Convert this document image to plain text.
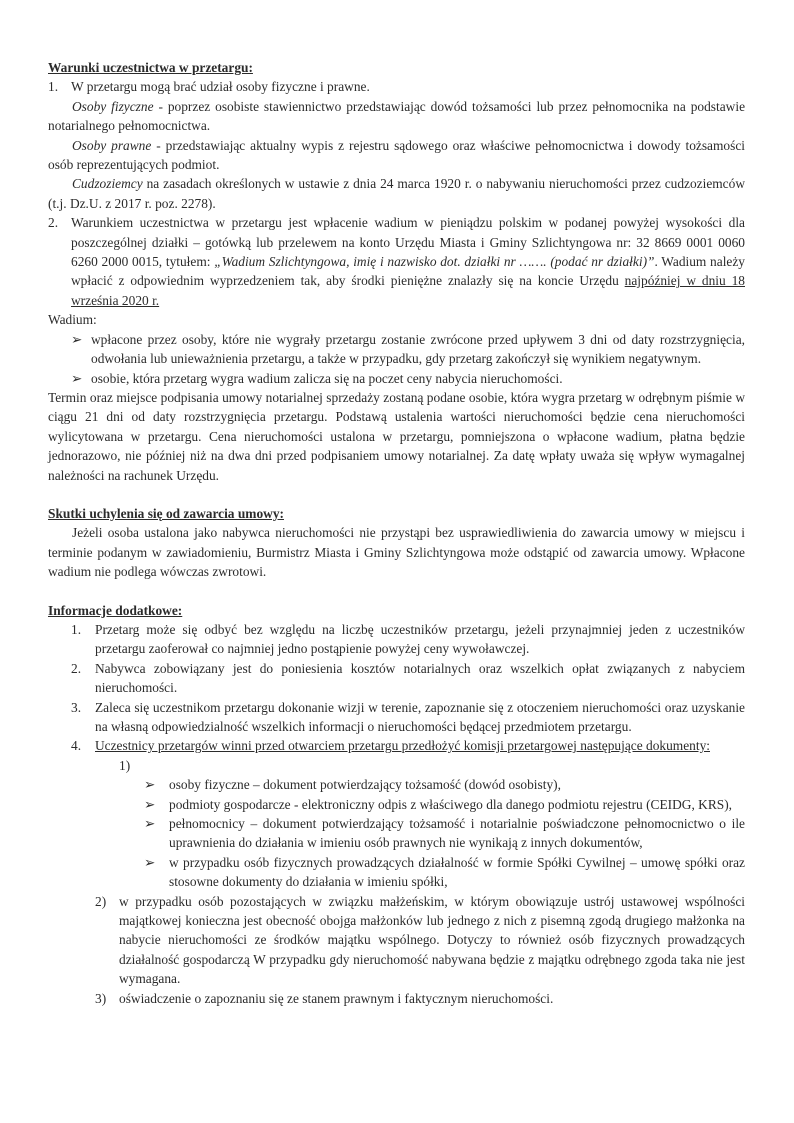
Warunki uczestnictwa w przetargu:

1. W przetargu mogą brać udział osoby fizyczne i prawne.

Osoby fizyczne - poprzez osobiste stawiennictwo przedstawiając dowód tożsamości lub przez pełnomocnika na podstawie notarialnego pełnomocnictwa.

Osoby prawne - przedstawiając aktualny wypis z rejestru sądowego oraz właściwe pełnomocnictwa i dowody tożsamości osób reprezentujących podmiot.

Cudzoziemcy na zasadach określonych w ustawie z dnia 24 marca 1920 r. o nabywaniu nieruchomości przez cudzoziemców (t.j. Dz.U. z 2017 r. poz. 2278).

2. Warunkiem uczestnictwa w przetargu jest wpłacenie wadium w pieniądzu polskim w podanej powyżej wysokości dla poszczególnej działki – gotówką lub przelewem na konto Urzędu Miasta i Gminy Szlichtyngowa nr: 32 8669 0001 0060 6260 2000 0015, tytułem: „Wadium Szlichtyngowa, imię i nazwisko dot. działki nr ……. (podać nr działki)”. Wadium należy wpłacić z odpowiednim wyprzedzeniem tak, aby środki pieniężne znalazły się na koncie Urzędu najpóźniej w dniu 18 września 2020 r.

Wadium:

➢ wpłacone przez osoby, które nie wygrały przetargu zostanie zwrócone przed upływem 3 dni od daty rozstrzygnięcia, odwołania lub unieważnienia przetargu, a także w przypadku, gdy przetarg zakończył się wynikiem negatywnym.

➢ osobie, która przetarg wygra wadium zalicza się na poczet ceny nabycia nieruchomości.

Termin oraz miejsce podpisania umowy notarialnej sprzedaży zostaną podane osobie, która wygra przetarg w odrębnym piśmie w ciągu 21 dni od daty rozstrzygnięcia przetargu. Podstawą ustalenia wartości nieruchomości będzie cena nieruchomości wylicytowana w przetargu. Cena nieruchomości ustalona w przetargu, pomniejszona o wpłacone wadium, płatna będzie jednorazowo, nie później niż na dwa dni przed podpisaniem umowy notarialnej. Za datę wpłaty uważa się wpływ wymagalnej należności na rachunek Urzędu.

Skutki uchylenia się od zawarcia umowy:

Jeżeli osoba ustalona jako nabywca nieruchomości nie przystąpi bez usprawiedliwienia do zawarcia umowy w miejscu i terminie podanym w zawiadomieniu, Burmistrz Miasta i Gminy Szlichtyngowa może odstąpić od zawarcia umowy. Wpłacone wadium nie podlega wówczas zwrotowi.

Informacje dodatkowe:

1. Przetarg może się odbyć bez względu na liczbę uczestników przetargu, jeżeli przynajmniej jeden z uczestników przetargu zaoferował co najmniej jedno postąpienie powyżej ceny wywoławczej.

2. Nabywca zobowiązany jest do poniesienia kosztów notarialnych oraz wszelkich opłat związanych z nabyciem nieruchomości.

3. Zaleca się uczestnikom przetargu dokonanie wizji w terenie, zapoznanie się z otoczeniem nieruchomości oraz uzyskanie na własną odpowiedzialność wszelkich informacji o nieruchomości będącej przedmiotem przetargu.

4. Uczestnicy przetargów winni przed otwarciem przetargu przedłożyć komisji przetargowej następujące dokumenty:

1)

➢ osoby fizyczne – dokument potwierdzający tożsamość (dowód osobisty),

➢ podmioty gospodarcze - elektroniczny odpis z właściwego dla danego podmiotu rejestru (CEIDG, KRS),

➢ pełnomocnicy – dokument potwierdzający tożsamość i notarialnie poświadczone pełnomocnictwo o ile uprawnienia do działania w imieniu osób prawnych nie wynikają z innych dokumentów,

➢ w przypadku osób fizycznych prowadzących działalność w formie Spółki Cywilnej – umowę spółki oraz stosowne dokumenty do działania w imieniu spółki,

2) w przypadku osób pozostających w związku małżeńskim, w którym obowiązuje ustrój ustawowej wspólności majątkowej konieczna jest obecność obojga małżonków lub jednego z nich z pisemną zgodą drugiego małżonka na nabycie nieruchomości ze środków majątku wspólnego. Dotyczy to również osób fizycznych prowadzących działalność gospodarczą W przypadku gdy nieruchomość nabywana będzie z majątku odrębnego zgoda taka nie jest wymagana.

3) oświadczenie o zapoznaniu się ze stanem prawnym i faktycznym nieruchomości.
